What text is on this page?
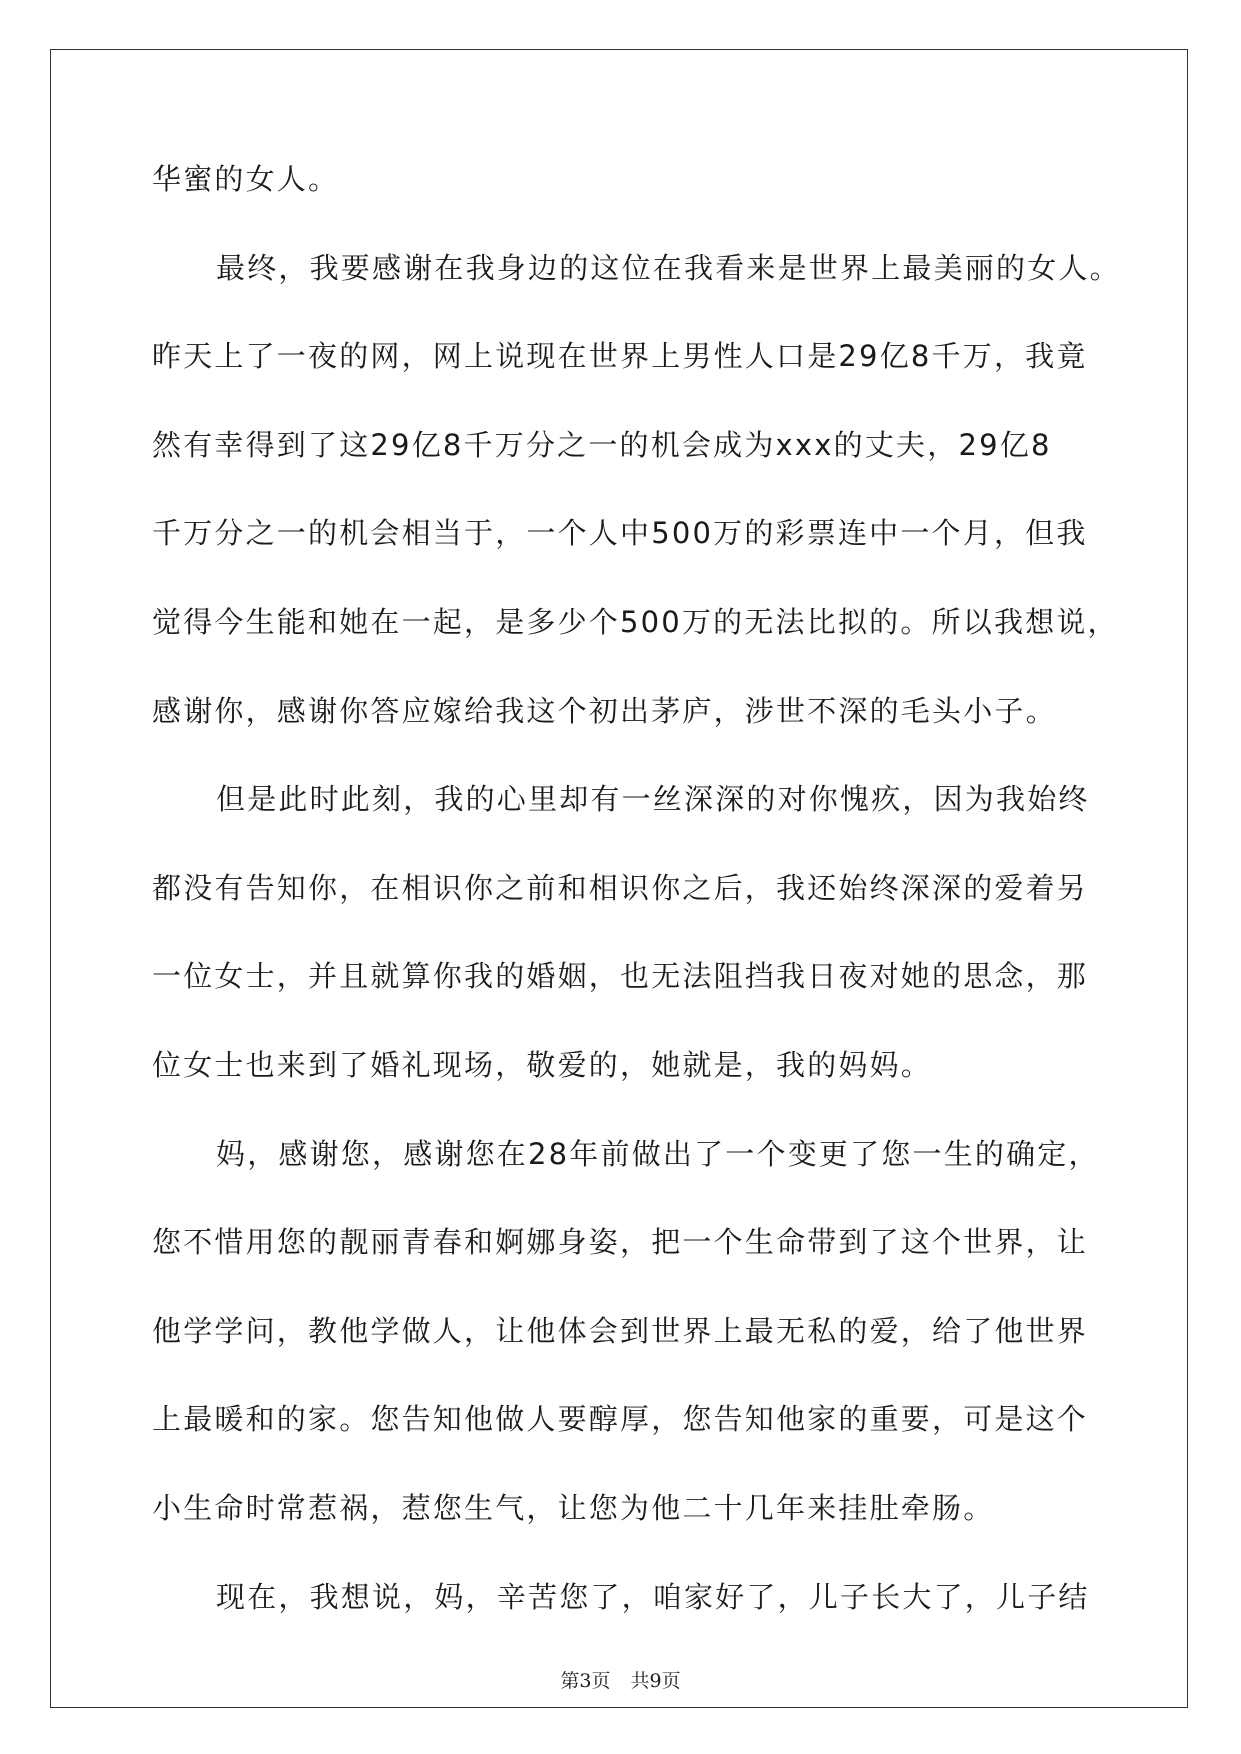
华蜜的女人。
最终，我要感谢在我身边的这位在我看来是世界上最美丽的女人。
昨天上了一夜的网，网上说现在世界上男性人口是29亿8千万，我竟
然有幸得到了这29亿8千万分之一的机会成为xxx的丈夫，29亿8
千万分之一的机会相当于，一个人中500万的彩票连中一个月，但我
觉得今生能和她在一起，是多少个500万的无法比拟的。所以我想说，
感谢你，感谢你答应嫁给我这个初出茅庐，涉世不深的毛头小子。
但是此时此刻，我的心里却有一丝深深的对你愧疚，因为我始终
都没有告知你，在相识你之前和相识你之后，我还始终深深的爱着另
一位女士，并且就算你我的婚姻，也无法阻挡我日夜对她的思念，那
位女士也来到了婚礼现场，敬爱的，她就是，我的妈妈。
妈，感谢您，感谢您在28年前做出了一个变更了您一生的确定，
您不惜用您的靓丽青春和婀娜身姿，把一个生命带到了这个世界，让
他学学问，教他学做人，让他体会到世界上最无私的爱，给了他世界
上最暖和的家。您告知他做人要醇厚，您告知他家的重要，可是这个
小生命时常惹祸，惹您生气，让您为他二十几年来挂肚牵肠。
现在，我想说，妈，辛苦您了，咱家好了，儿子长大了，儿子结
第3页 共9页
